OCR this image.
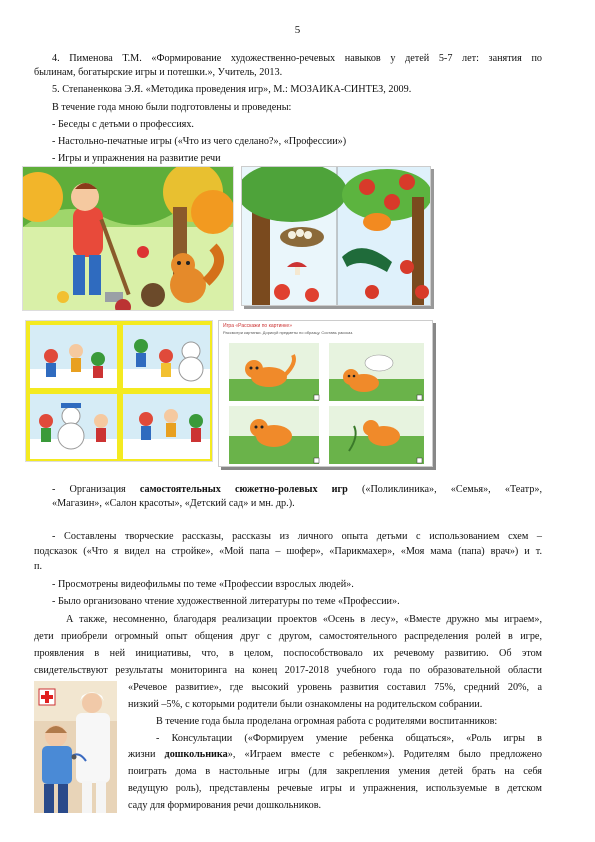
5
4. Пименова Т.М. «Формирование художественно-речевых навыков у детей 5-7 лет: занятия по
былинам, богатырские игры и потешки.», Учитель, 2013.
5. Степаненкова Э.Я. «Методика проведения игр», М.: МОЗАИКА-СИНТЕЗ, 2009.
В течение года мною были подготовлены и проведены:
- Беседы с детьми о профессиях.
- Настольно-печатные игры («Что из чего сделано?», «Профессии»)
- Игры и упражнения на развитие речи
Игра «Расскажи по картинке»
Рассмотри картинки. Дорисуй предметы по образцу. Составь рассказ.
- Организация самостоятельных сюжетно-ролевых игр («Поликлиника», «Семья», «Театр»,
«Магазин», «Салон красоты», «Детский сад» и мн. др.).
- Составлены творческие рассказы, рассказы из личного опыта детьми с использованием схем –
подсказок («Что я видел на стройке», «Мой папа – шофер», «Парикмахер», «Моя мама (папа) врач») и т.
п.
- Просмотрены видеофильмы по теме «Профессии взрослых людей».
- Было организовано чтение художественной литературы по теме «Профессии».
А также, несомненно, благодаря реализации проектов «Осень в лесу», «Вместе дружно мы играем»,
дети приобрели огромный опыт общения друг с другом, самостоятельного распределения ролей в игре,
проявления в ней инициативы, что, в целом, поспособствовало их речевому развитию. Об этом
свидетельствуют результаты мониторинга на конец 2017-2018 учебного года по образовательной области
«Речевое развитие», где высокий уровень развития составил 75%, средний 20%, а
низкий –5%, с которыми родители были ознакомлены на родительском собрании.
В течение года была проделана огромная работа с родителями воспитанников:
- Консультации («Формируем умение ребенка общаться», «Роль игры в
жизни дошкольника», «Играем вместе с ребенком»). Родителям было предложено
поиграть дома в настольные игры (для закрепления умения детей брать на себя
ведущую роль), представлены речевые игры и упражнения, используемые в детском
саду для формирования речи дошкольников.
